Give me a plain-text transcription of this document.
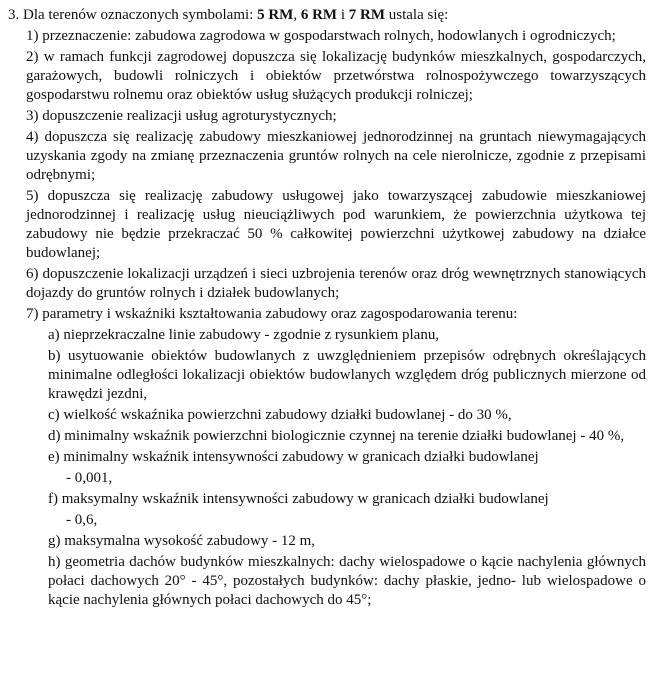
3. Dla terenów oznaczonych symbolami: 5 RM, 6 RM i 7 RM ustala się:

1) przeznaczenie: zabudowa zagrodowa w gospodarstwach rolnych, hodowlanych i ogrodniczych;

2) w ramach funkcji zagrodowej dopuszcza się lokalizację budynków mieszkalnych, gospodarczych, garażowych, budowli rolniczych i obiektów przetwórstwa rolnospożywczego towarzyszących gospodarstwu rolnemu oraz obiektów usług służących produkcji rolniczej;

3) dopuszczenie realizacji usług agroturystycznych;

4) dopuszcza się realizację zabudowy mieszkaniowej jednorodzinnej na gruntach niewymagających uzyskania zgody na zmianę przeznaczenia gruntów rolnych na cele nierolnicze, zgodnie z przepisami odrębnymi;

5) dopuszcza się realizację zabudowy usługowej jako towarzyszącej zabudowie mieszkaniowej jednorodzinnej i realizację usług nieuciążliwych pod warunkiem, że powierzchnia użytkowa tej zabudowy nie będzie przekraczać 50 % całkowitej powierzchni użytkowej zabudowy na działce budowlanej;

6) dopuszczenie lokalizacji urządzeń i sieci uzbrojenia terenów oraz dróg wewnętrznych stanowiących dojazdy do gruntów rolnych i działek budowlanych;

7) parametry i wskaźniki kształtowania zabudowy oraz zagospodarowania terenu:

a) nieprzekraczalne linie zabudowy - zgodnie z rysunkiem planu,

b) usytuowanie obiektów budowlanych z uwzględnieniem przepisów odrębnych określających minimalne odległości lokalizacji obiektów budowlanych względem dróg publicznych mierzone od krawędzi jezdni,

c) wielkość wskaźnika powierzchni zabudowy działki budowlanej - do 30 %,

d) minimalny wskaźnik powierzchni biologicznie czynnej na terenie działki budowlanej - 40 %,

e) minimalny wskaźnik intensywności zabudowy w granicach działki budowlanej

- 0,001,

f) maksymalny wskaźnik intensywności zabudowy w granicach działki budowlanej

- 0,6,

g) maksymalna wysokość zabudowy - 12 m,

h) geometria dachów budynków mieszkalnych: dachy wielospadowe o kącie nachylenia głównych połaci dachowych 20° - 45°, pozostałych budynków: dachy płaskie, jedno- lub wielospadowe o kącie nachylenia głównych połaci dachowych do 45°;
